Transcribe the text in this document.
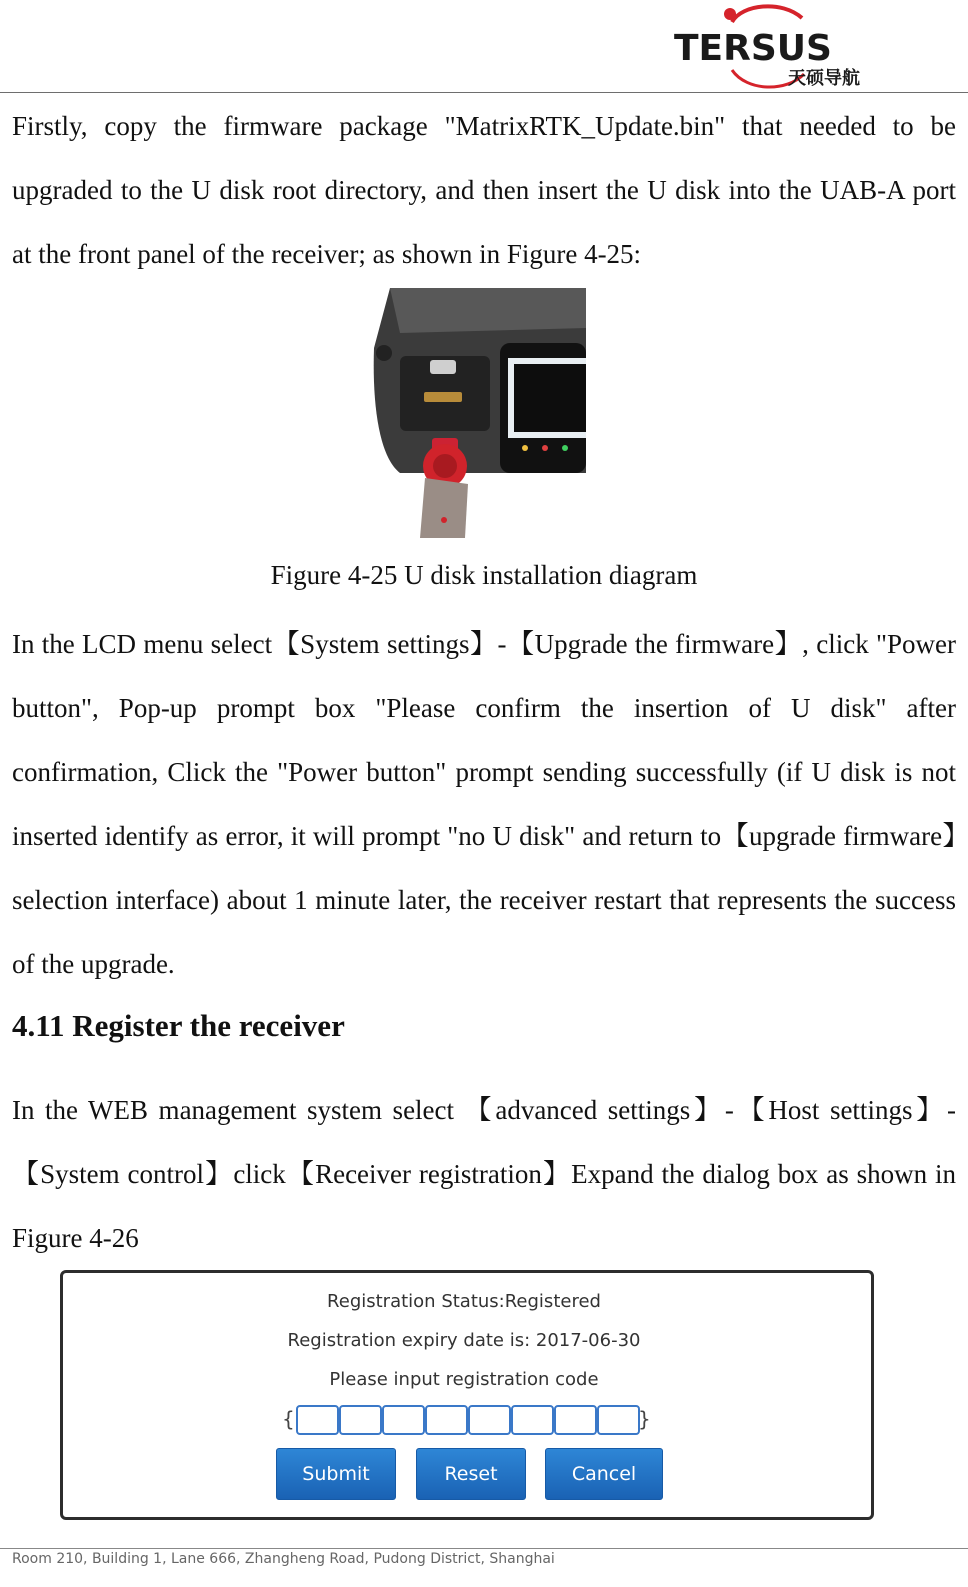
TERSUS
天硕导航

Firstly, copy the firmware package "MatrixRTK_Update.bin" that needed to be upgraded to the U disk root directory, and then insert the U disk into the UAB-A port at the front panel of the receiver; as shown in Figure 4-25:

Figure 4-25 U disk installation diagram

In the LCD menu select【System settings】-【Upgrade the firmware】, click "Power button", Pop-up prompt box "Please confirm the insertion of U disk" after confirmation, Click the "Power button" prompt sending successfully (if U disk is not inserted identify as error, it will prompt "no U disk" and return to【upgrade firmware】selection interface) about 1 minute later, the receiver restart that represents the success of the upgrade.

4.11 Register the receiver

In the WEB management system select 【advanced settings】-【Host settings】-【System control】click【Receiver registration】Expand the dialog box as shown in Figure 4-26

Registration Status:Registered
Registration expiry date is: 2017-06-30
Please input registration code
{	}
Submit	Reset	Cancel
Room 210, Building 1, Lane 666, Zhangheng Road, Pudong District, Shanghai
